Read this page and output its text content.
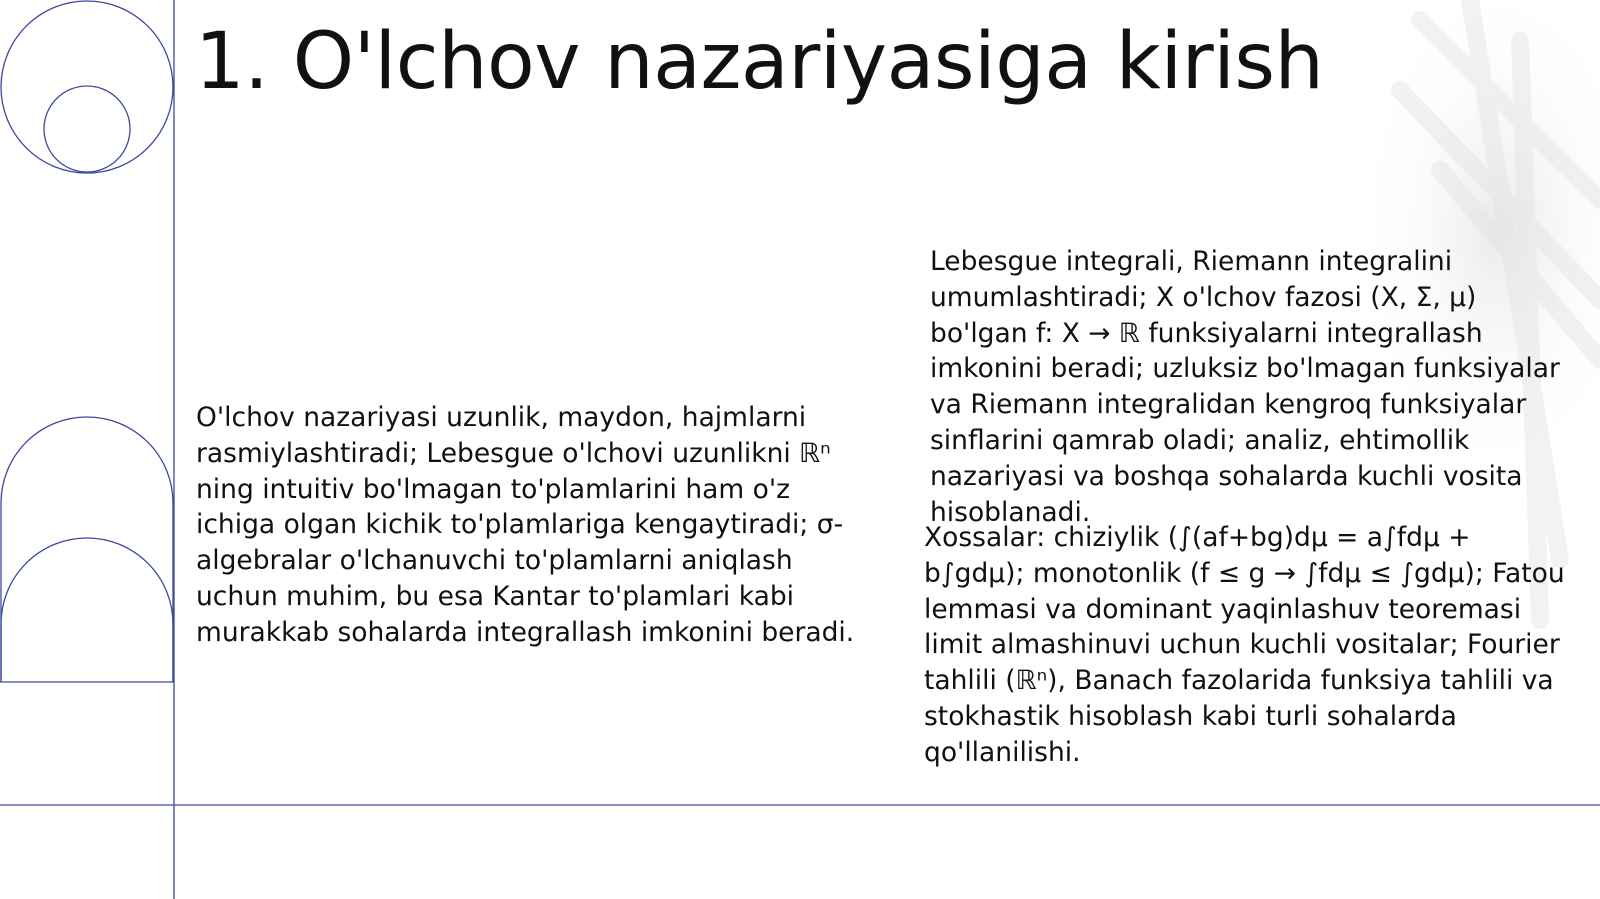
1. O'lchov nazariyasiga kirish

O'lchov nazariyasi uzunlik, maydon, hajmlarni rasmiylashtiradi; Lebesgue o'lchovi uzunlikni ℝⁿ ning intuitiv bo'lmagan to'plamlarini ham o'z ichiga olgan kichik to'plamlariga kengaytiradi; σ-algebralar o'lchanuvchi to'plamlarni aniqlash uchun muhim, bu esa Kantar to'plamlari kabi murakkab sohalarda integrallash imkonini beradi.

Lebesgue integrali, Riemann integralini umumlashtiradi; X o'lchov fazosi (X, Σ, μ) bo'lgan f: X → ℝ funksiyalarni integrallash imkonini beradi; uzluksiz bo'lmagan funksiyalar va Riemann integralidan kengroq funksiyalar sinflarini qamrab oladi; analiz, ehtimollik nazariyasi va boshqa sohalarda kuchli vosita hisoblanadi.

Xossalar: chiziylik (∫(af+bg)dμ = a∫fdμ + b∫gdμ); monotonlik (f ≤ g → ∫fdμ ≤ ∫gdμ); Fatou lemmasi va dominant yaqinlashuv teoremasi limit almashinuvi uchun kuchli vositalar; Fourier tahlili (ℝⁿ), Banach fazolarida funksiya tahlili va stokhastik hisoblash kabi turli sohalarda qo'llanilishi.
